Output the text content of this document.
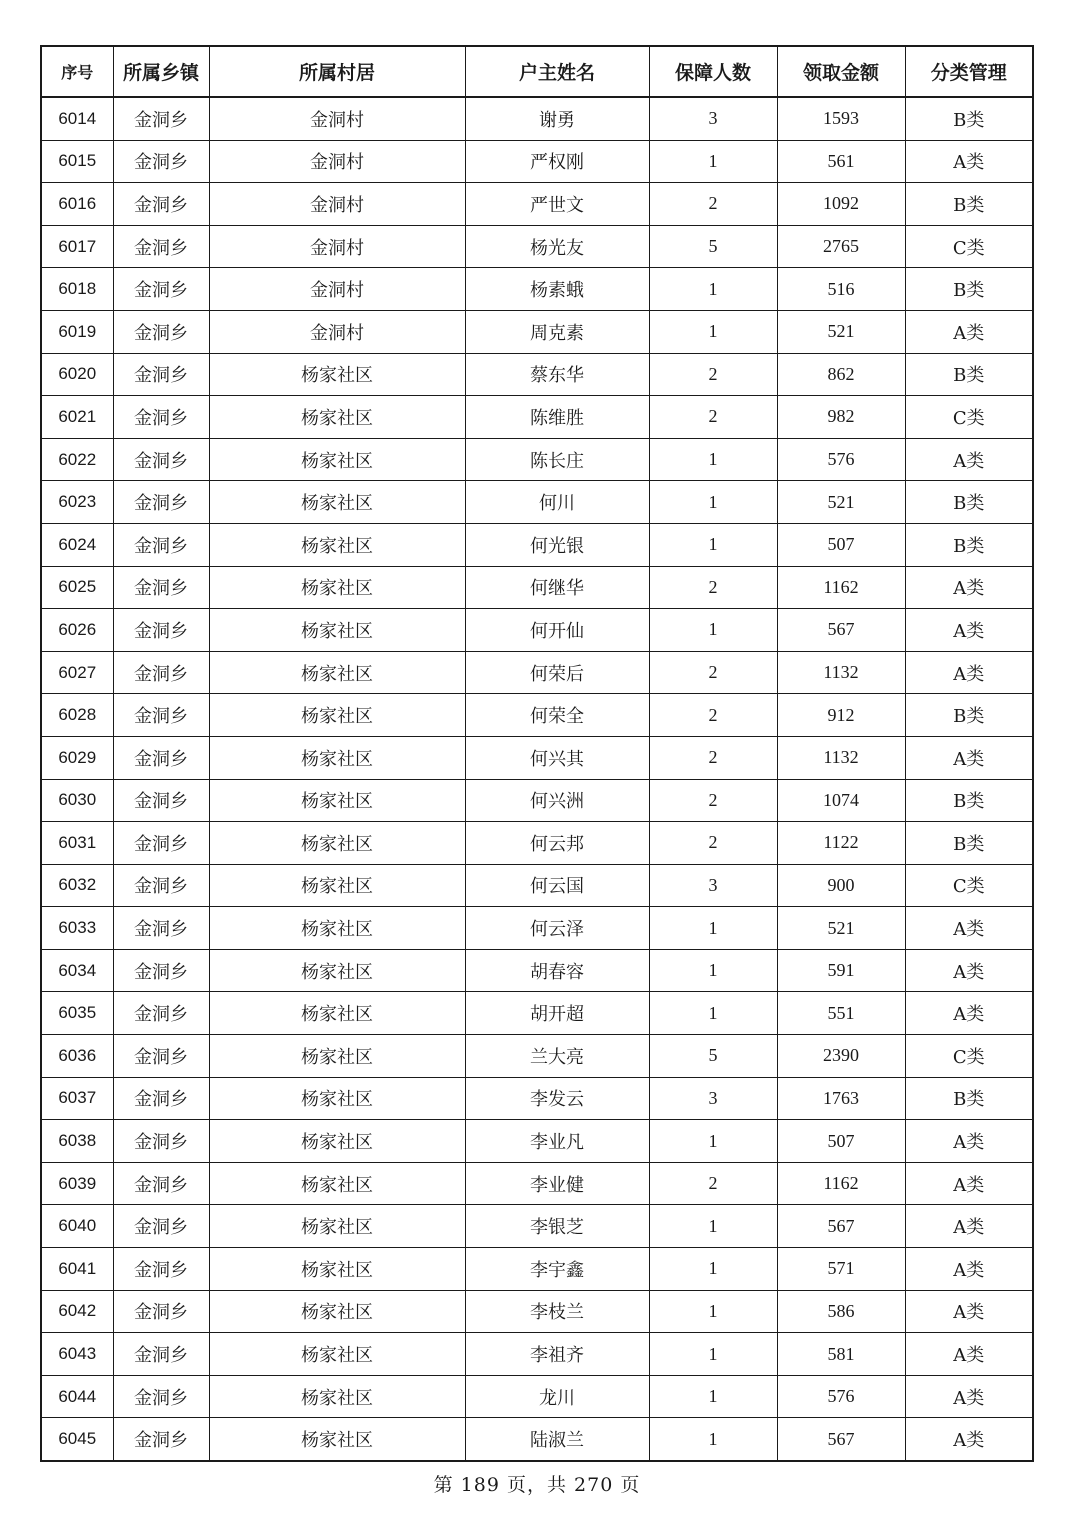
序号	所属乡镇	所属村居	户主姓名	保障人数	领取金额	分类管理
6014	金洞乡	金洞村	谢勇	3	1593	B类
6015	金洞乡	金洞村	严权刚	1	561	A类
6016	金洞乡	金洞村	严世文	2	1092	B类
6017	金洞乡	金洞村	杨光友	5	2765	C类
6018	金洞乡	金洞村	杨素蛾	1	516	B类
6019	金洞乡	金洞村	周克素	1	521	A类
6020	金洞乡	杨家社区	蔡东华	2	862	B类
6021	金洞乡	杨家社区	陈维胜	2	982	C类
6022	金洞乡	杨家社区	陈长庄	1	576	A类
6023	金洞乡	杨家社区	何川	1	521	B类
6024	金洞乡	杨家社区	何光银	1	507	B类
6025	金洞乡	杨家社区	何继华	2	1162	A类
6026	金洞乡	杨家社区	何开仙	1	567	A类
6027	金洞乡	杨家社区	何荣后	2	1132	A类
6028	金洞乡	杨家社区	何荣全	2	912	B类
6029	金洞乡	杨家社区	何兴其	2	1132	A类
6030	金洞乡	杨家社区	何兴洲	2	1074	B类
6031	金洞乡	杨家社区	何云邦	2	1122	B类
6032	金洞乡	杨家社区	何云国	3	900	C类
6033	金洞乡	杨家社区	何云泽	1	521	A类
6034	金洞乡	杨家社区	胡春容	1	591	A类
6035	金洞乡	杨家社区	胡开超	1	551	A类
6036	金洞乡	杨家社区	兰大亮	5	2390	C类
6037	金洞乡	杨家社区	李发云	3	1763	B类
6038	金洞乡	杨家社区	李业凡	1	507	A类
6039	金洞乡	杨家社区	李业健	2	1162	A类
6040	金洞乡	杨家社区	李银芝	1	567	A类
6041	金洞乡	杨家社区	李宇鑫	1	571	A类
6042	金洞乡	杨家社区	李枝兰	1	586	A类
6043	金洞乡	杨家社区	李祖齐	1	581	A类
6044	金洞乡	杨家社区	龙川	1	576	A类
6045	金洞乡	杨家社区	陆淑兰	1	567	A类
第 189 页，共 270 页
